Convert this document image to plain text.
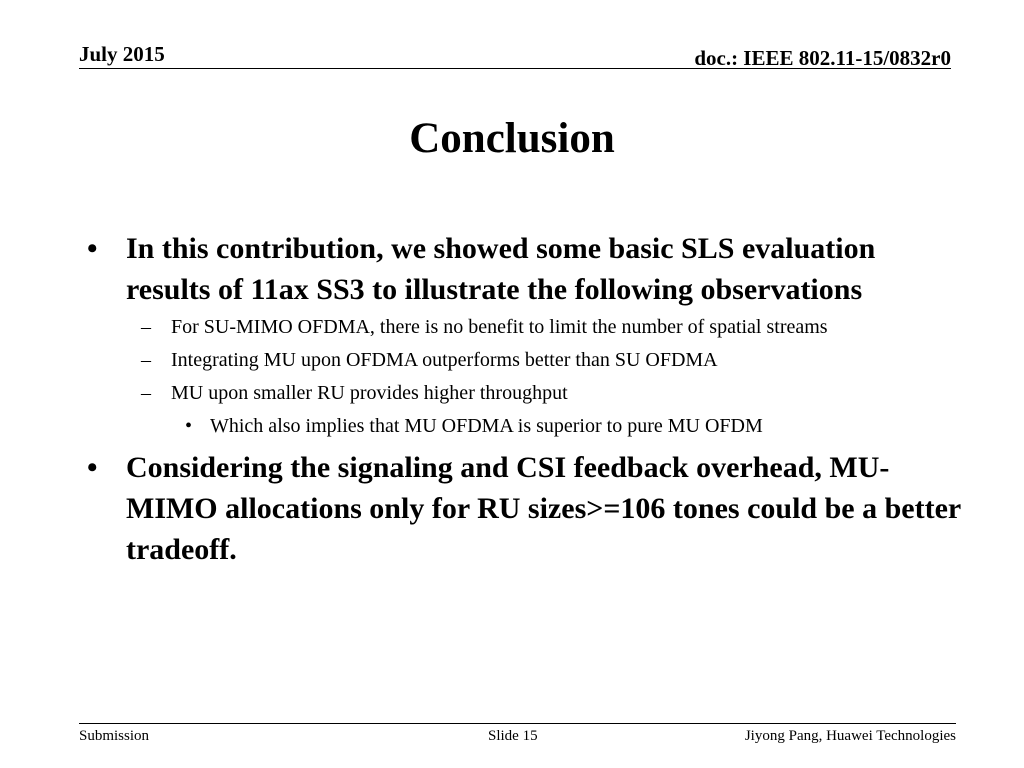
July 2015	doc.: IEEE 802.11-15/0832r0
Conclusion
• In this contribution, we showed some basic SLS evaluation results of 11ax SS3 to illustrate the following observations
– For SU-MIMO OFDMA, there is no benefit to limit the number of spatial streams
– Integrating MU upon OFDMA outperforms better than SU OFDMA
– MU upon smaller RU provides higher throughput
• Which also implies that MU OFDMA is superior to pure MU OFDM
• Considering the signaling and CSI feedback overhead, MU-MIMO allocations only for RU sizes>=106 tones could be a better tradeoff.
Submission	Slide 15	Jiyong Pang, Huawei Technologies
